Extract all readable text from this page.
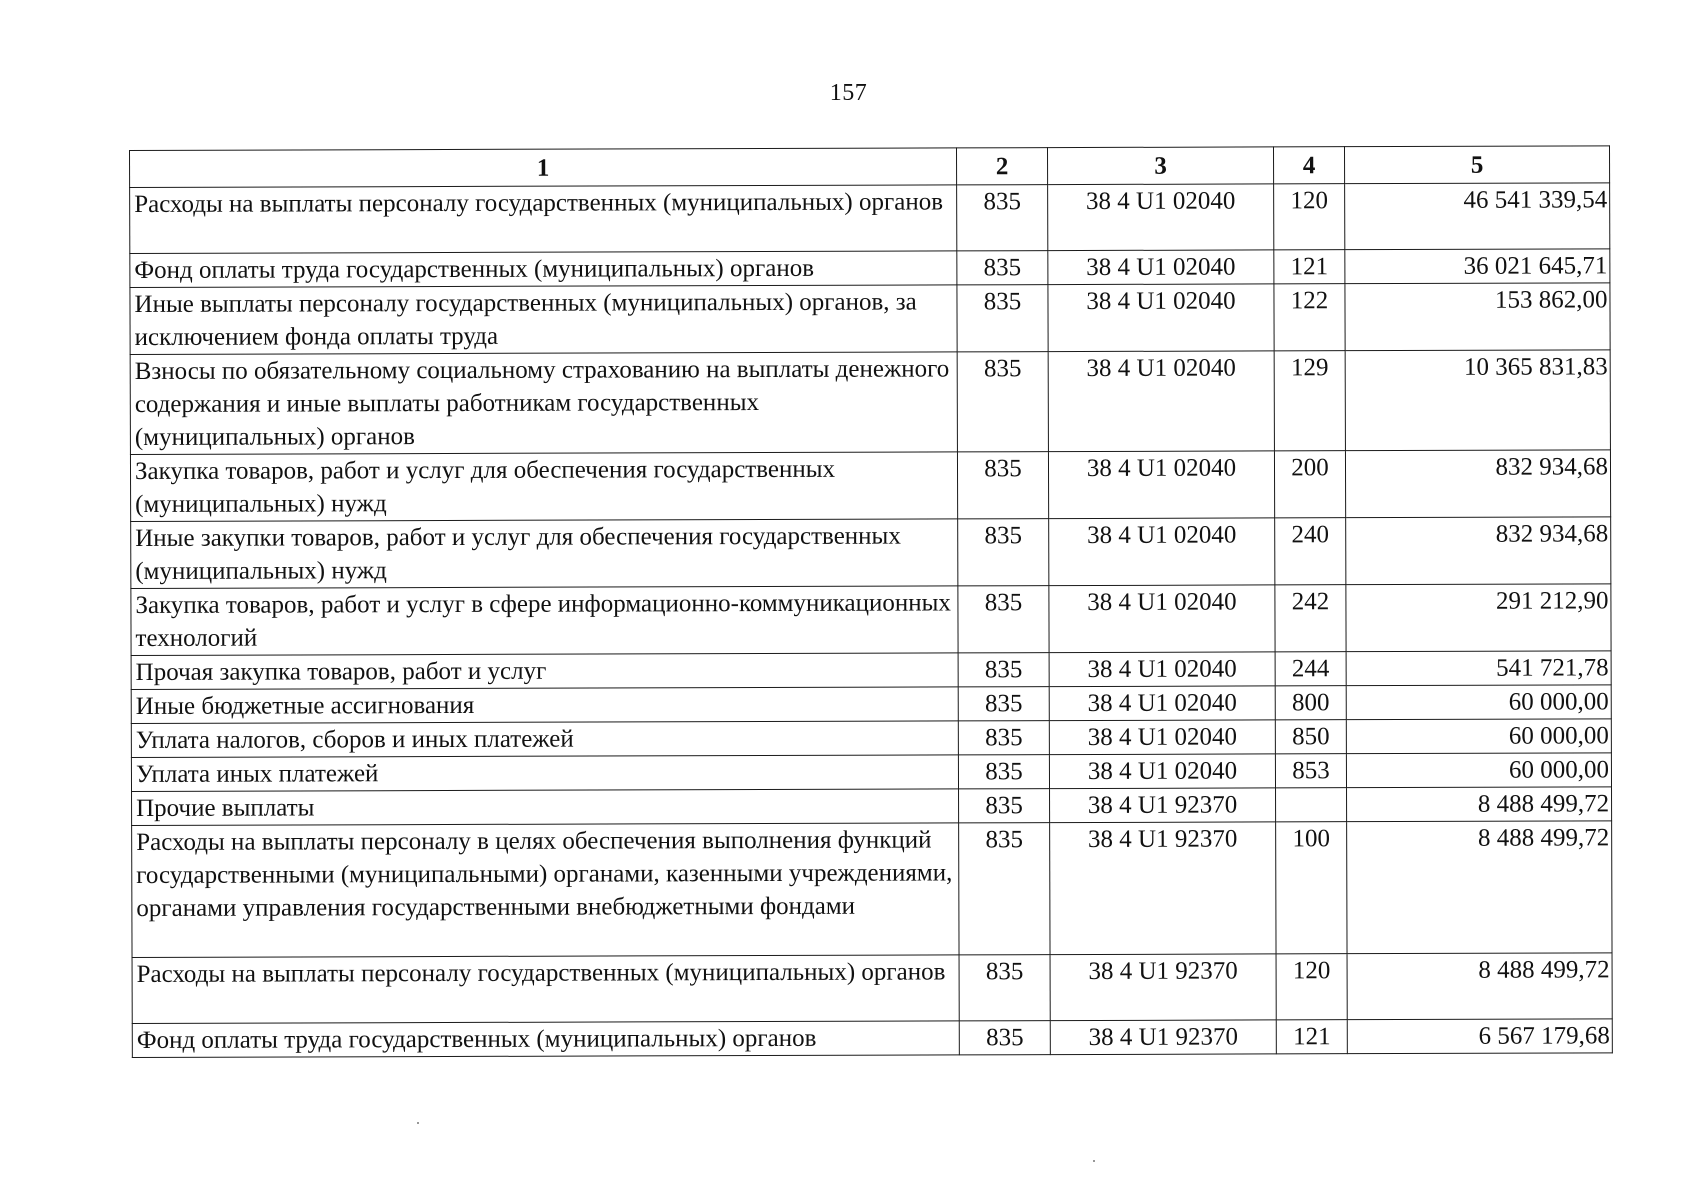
157
1	2	3	4	5
Расходы на выплаты персоналу государственных (муниципальных) органов	835	38 4 U1 02040	120	46 541 339,54
Фонд оплаты труда государственных (муниципальных) органов	835	38 4 U1 02040	121	36 021 645,71
Иные выплаты персоналу государственных (муниципальных) органов, за исключением фонда оплаты труда	835	38 4 U1 02040	122	153 862,00
Взносы по обязательному социальному страхованию на выплаты денежного содержания и иные выплаты работникам государственных (муниципальных) органов	835	38 4 U1 02040	129	10 365 831,83
Закупка товаров, работ и услуг для обеспечения государственных (муниципальных) нужд	835	38 4 U1 02040	200	832 934,68
Иные закупки товаров, работ и услуг для обеспечения государственных (муниципальных) нужд	835	38 4 U1 02040	240	832 934,68
Закупка товаров, работ и услуг в сфере информационно-коммуникационных технологий	835	38 4 U1 02040	242	291 212,90
Прочая закупка товаров, работ и услуг	835	38 4 U1 02040	244	541 721,78
Иные бюджетные ассигнования	835	38 4 U1 02040	800	60 000,00
Уплата налогов, сборов и иных платежей	835	38 4 U1 02040	850	60 000,00
Уплата иных платежей	835	38 4 U1 02040	853	60 000,00
Прочие выплаты	835	38 4 U1 92370		8 488 499,72
Расходы на выплаты персоналу в целях обеспечения выполнения функций государственными (муниципальными) органами, казенными учреждениями, органами управления государственными внебюджетными фондами	835	38 4 U1 92370	100	8 488 499,72
Расходы на выплаты персоналу государственных (муниципальных) органов	835	38 4 U1 92370	120	8 488 499,72
Фонд оплаты труда государственных (муниципальных) органов	835	38 4 U1 92370	121	6 567 179,68
